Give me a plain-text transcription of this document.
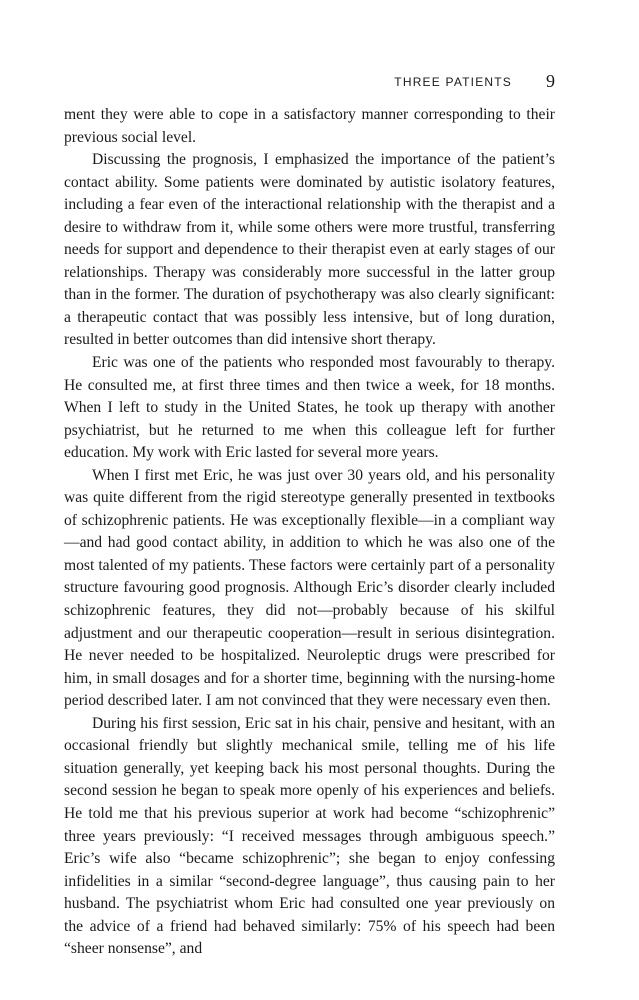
THREE PATIENTS 9

ment they were able to cope in a satisfactory manner corresponding to their previous social level.

Discussing the prognosis, I emphasized the importance of the patient’s contact ability. Some patients were dominated by autistic isolatory features, including a fear even of the interactional relationship with the therapist and a desire to withdraw from it, while some others were more trustful, transferring needs for support and dependence to their therapist even at early stages of our relationships. Therapy was considerably more successful in the latter group than in the former. The duration of psychotherapy was also clearly significant: a therapeutic contact that was possibly less intensive, but of long duration, resulted in better outcomes than did intensive short therapy.

Eric was one of the patients who responded most favourably to therapy. He consulted me, at first three times and then twice a week, for 18 months. When I left to study in the United States, he took up therapy with another psychiatrist, but he returned to me when this colleague left for further education. My work with Eric lasted for several more years.

When I first met Eric, he was just over 30 years old, and his personality was quite different from the rigid stereotype generally presented in textbooks of schizophrenic patients. He was exceptionally flexible—in a compliant way—and had good contact ability, in addition to which he was also one of the most talented of my patients. These factors were certainly part of a personality structure favouring good prognosis. Although Eric’s disorder clearly included schizophrenic features, they did not—probably because of his skilful adjustment and our therapeutic cooperation—result in serious disintegration. He never needed to be hospitalized. Neuroleptic drugs were prescribed for him, in small dosages and for a shorter time, beginning with the nursing-home period described later. I am not convinced that they were necessary even then.

During his first session, Eric sat in his chair, pensive and hesitant, with an occasional friendly but slightly mechanical smile, telling me of his life situation generally, yet keeping back his most personal thoughts. During the second session he began to speak more openly of his experiences and beliefs. He told me that his previous superior at work had become “schizophrenic” three years previously: “I received messages through ambiguous speech.” Eric’s wife also “became schizophrenic”; she began to enjoy confessing infidelities in a similar “second-degree language”, thus causing pain to her husband. The psychiatrist whom Eric had consulted one year previously on the advice of a friend had behaved similarly: 75% of his speech had been “sheer nonsense”, and
